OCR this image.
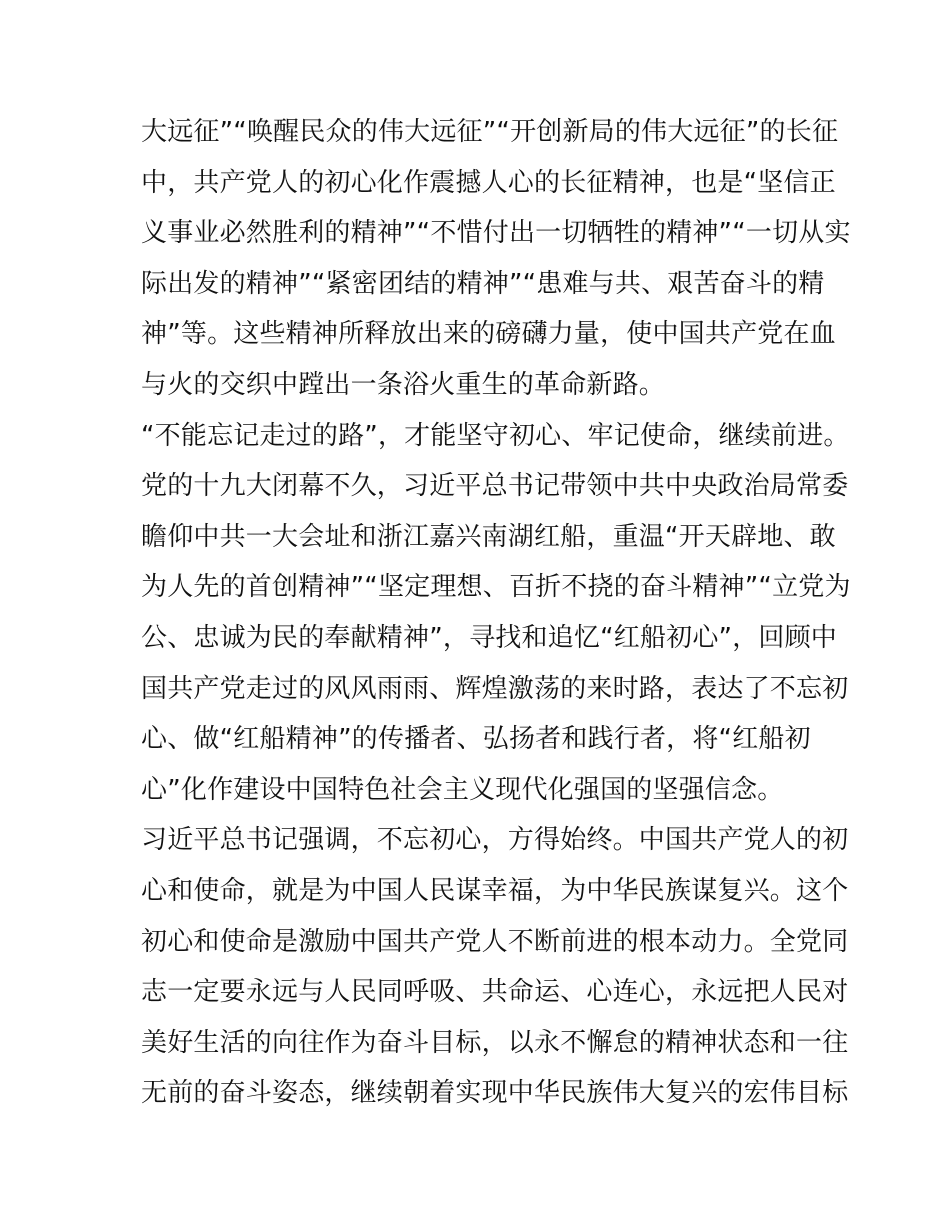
大远征”“唤醒民众的伟大远征”“开创新局的伟大远征”的长征
中，共产党人的初心化作震撼人心的长征精神，也是“坚信正
义事业必然胜利的精神”“不惜付出一切牺牲的精神”“一切从实
际出发的精神”“紧密团结的精神”“患难与共、艰苦奋斗的精
神”等。这些精神所释放出来的磅礴力量，使中国共产党在血
与火的交织中蹚出一条浴火重生的革命新路。
“不能忘记走过的路”，才能坚守初心、牢记使命，继续前进。
党的十九大闭幕不久，习近平总书记带领中共中央政治局常委
瞻仰中共一大会址和浙江嘉兴南湖红船，重温“开天辟地、敢
为人先的首创精神”“坚定理想、百折不挠的奋斗精神”“立党为
公、忠诚为民的奉献精神”，寻找和追忆“红船初心”，回顾中
国共产党走过的风风雨雨、辉煌激荡的来时路，表达了不忘初
心、做“红船精神”的传播者、弘扬者和践行者，将“红船初
心”化作建设中国特色社会主义现代化强国的坚强信念。
习近平总书记强调，不忘初心，方得始终。中国共产党人的初
心和使命，就是为中国人民谋幸福，为中华民族谋复兴。这个
初心和使命是激励中国共产党人不断前进的根本动力。全党同
志一定要永远与人民同呼吸、共命运、心连心，永远把人民对
美好生活的向往作为奋斗目标，以永不懈怠的精神状态和一往
无前的奋斗姿态，继续朝着实现中华民族伟大复兴的宏伟目标
